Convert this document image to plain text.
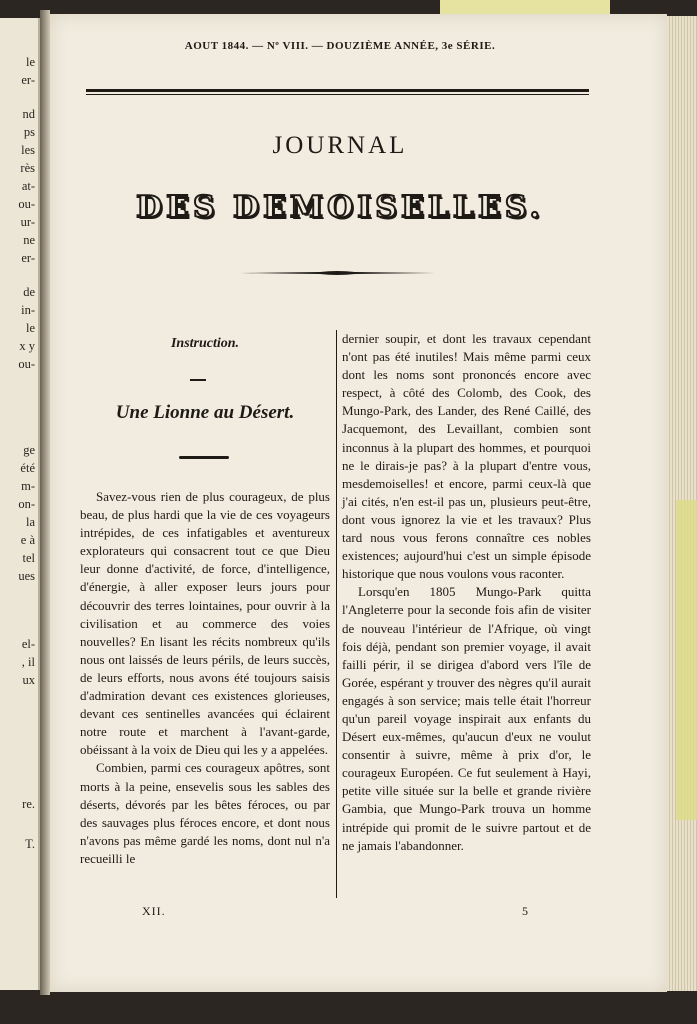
le
er-
nd
ps
les
rès
at-
ou-
ur-
ne
er-
de
in-
le
x y
ou-
ge
été
m-
on-
la
e à
tel
ues
el-
, il
ux
re.
T.
AOUT 1844. — Nº VIII. — DOUZIÈME ANNÉE, 3e SÉRIE.
JOURNAL
DES DEMOISELLES.
Instruction.
Une Lionne au Désert.

Savez-vous rien de plus courageux, de plus beau, de plus hardi que la vie de ces voyageurs intrépides, de ces infatigables et aventureux explorateurs qui consacrent tout ce que Dieu leur donne d'activité, de force, d'intelligence, d'énergie, à aller exposer leurs jours pour découvrir des terres lointaines, pour ouvrir à la civilisation et au commerce des voies nouvelles? En lisant les récits nombreux qu'ils nous ont laissés de leurs périls, de leurs succès, de leurs efforts, nous avons été toujours saisis d'admiration devant ces existences glorieuses, devant ces sentinelles avancées qui éclairent notre route et marchent à l'avant-garde, obéissant à la voix de Dieu qui les y a appelées.

Combien, parmi ces courageux apôtres, sont morts à la peine, ensevelis sous les sables des déserts, dévorés par les bêtes féroces, ou par des sauvages plus féroces encore, et dont nous n'avons pas même gardé les noms, dont nul n'a recueilli le

dernier soupir, et dont les travaux cependant n'ont pas été inutiles! Mais même parmi ceux dont les noms sont prononcés encore avec respect, à côté des Colomb, des Cook, des Mungo-Park, des Lander, des René Caillé, des Jacquemont, des Levaillant, combien sont inconnus à la plupart des hommes, et pourquoi ne le dirais-je pas? à la plupart d'entre vous, mesdemoiselles! et encore, parmi ceux-là que j'ai cités, n'en est-il pas un, plusieurs peut-être, dont vous ignorez la vie et les travaux? Plus tard nous vous ferons connaître ces nobles existences; aujourd'hui c'est un simple épisode historique que nous voulons vous raconter.

Lorsqu'en 1805 Mungo-Park quitta l'Angleterre pour la seconde fois afin de visiter de nouveau l'intérieur de l'Afrique, où vingt fois déjà, pendant son premier voyage, il avait failli périr, il se dirigea d'abord vers l'île de Gorée, espérant y trouver des nègres qu'il aurait engagés à son service; mais telle était l'horreur qu'un pareil voyage inspirait aux enfants du Désert eux-mêmes, qu'aucun d'eux ne voulut consentir à suivre, même à prix d'or, le courageux Européen. Ce fut seulement à Hayi, petite ville située sur la belle et grande rivière Gambia, que Mungo-Park trouva un homme intrépide qui promit de le suivre partout et de ne jamais l'abandonner.

XII.	5
